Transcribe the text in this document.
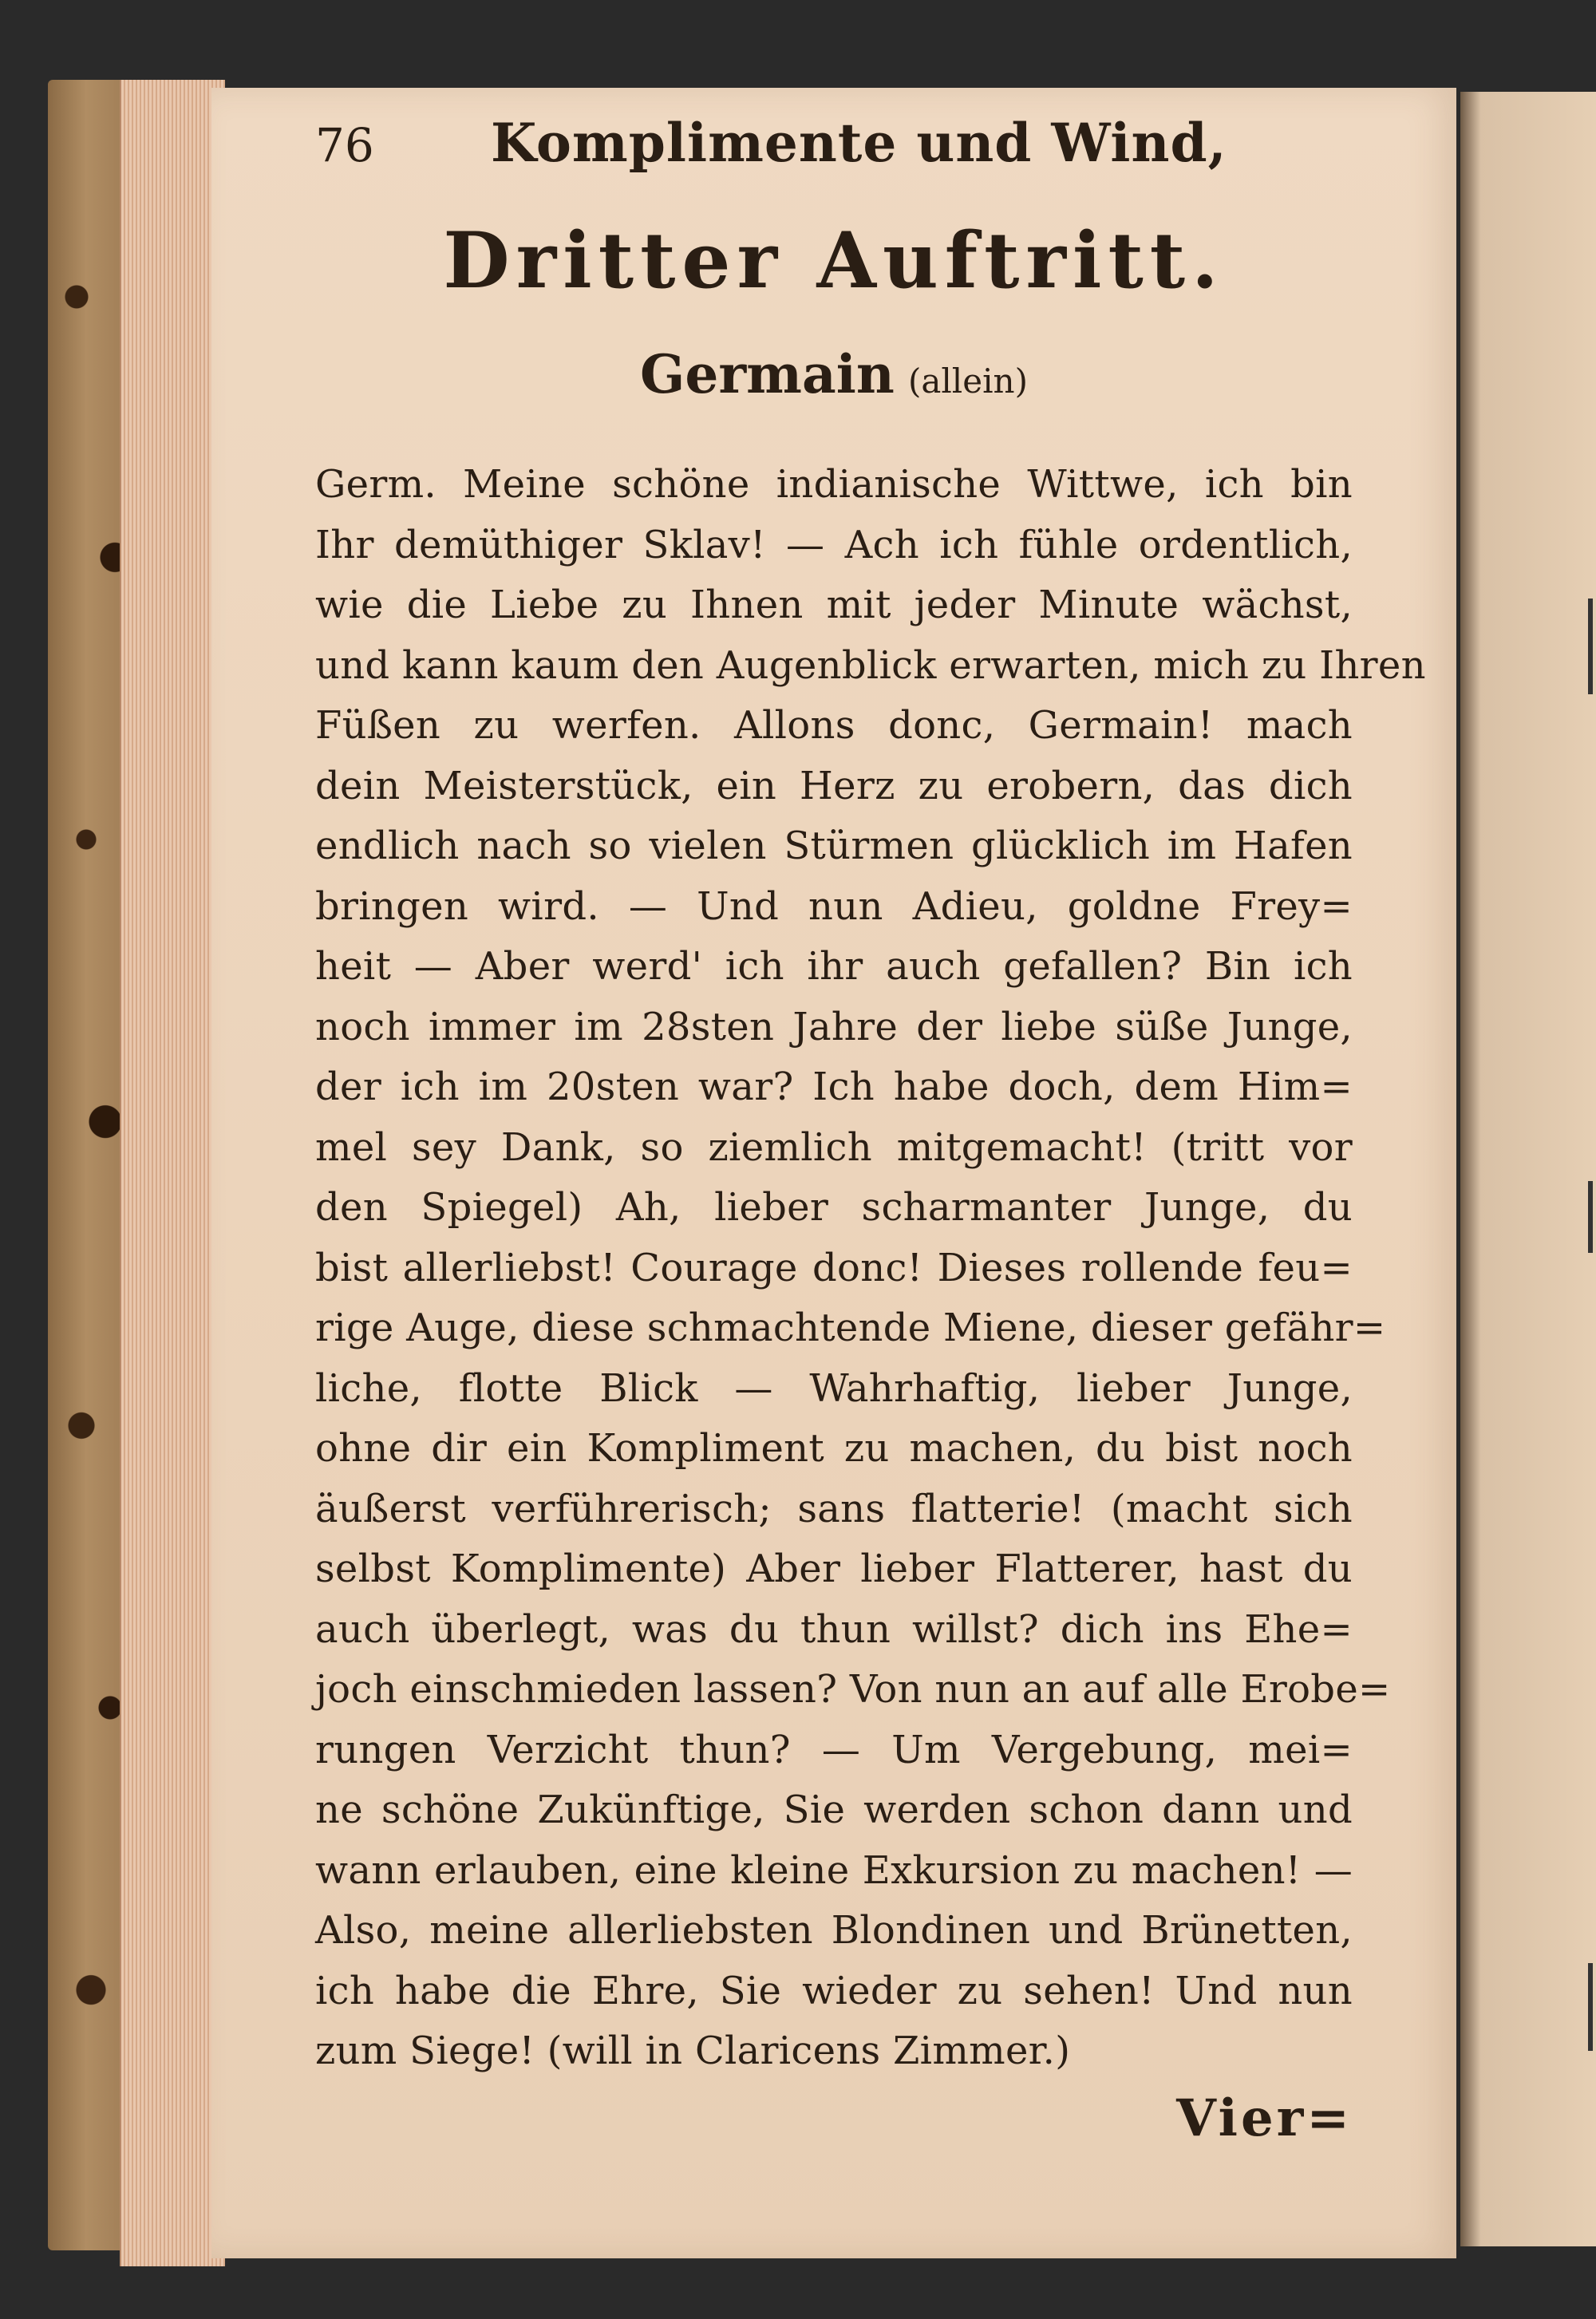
76	Komplimente und Wind,
Dritter Auftritt.
Germain (allein)
Germ. Meine schöne indianische Wittwe, ich bin
Ihr demüthiger Sklav! — Ach ich fühle ordentlich,
wie die Liebe zu Ihnen mit jeder Minute wächst,
und kann kaum den Augenblick erwarten, mich zu Ihren
Füßen zu werfen. Allons donc, Germain! mach
dein Meisterstück, ein Herz zu erobern, das dich
endlich nach so vielen Stürmen glücklich im Hafen
bringen wird. — Und nun Adieu, goldne Frey=
heit — Aber werd' ich ihr auch gefallen? Bin ich
noch immer im 28sten Jahre der liebe süße Junge,
der ich im 20sten war? Ich habe doch, dem Him=
mel sey Dank, so ziemlich mitgemacht! (tritt vor
den Spiegel) Ah, lieber scharmanter Junge, du
bist allerliebst! Courage donc! Dieses rollende feu=
rige Auge, diese schmachtende Miene, dieser gefähr=
liche, flotte Blick — Wahrhaftig, lieber Junge,
ohne dir ein Kompliment zu machen, du bist noch
äußerst verführerisch; sans flatterie! (macht sich
selbst Komplimente) Aber lieber Flatterer, hast du
auch überlegt, was du thun willst? dich ins Ehe=
joch einschmieden lassen? Von nun an auf alle Erobe=
rungen Verzicht thun? — Um Vergebung, mei=
ne schöne Zukünftige, Sie werden schon dann und
wann erlauben, eine kleine Exkursion zu machen! —
Also, meine allerliebsten Blondinen und Brünetten,
ich habe die Ehre, Sie wieder zu sehen! Und nun
zum Siege! (will in Claricens Zimmer.)
Vier=
